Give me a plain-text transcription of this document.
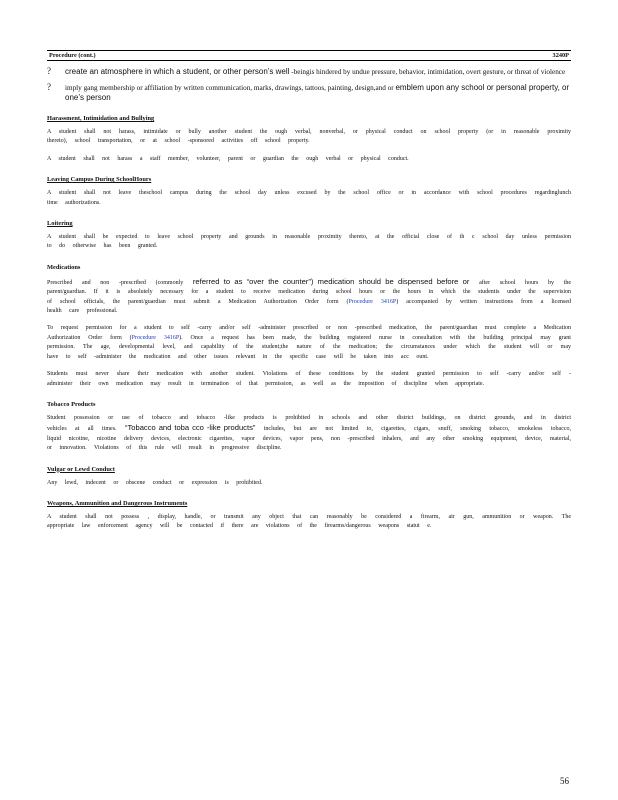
Procedure (cont.)	3240P
? create an atmosphere in which a student, or other person’s well -beingis hindered by undue pressure, behavior, intimidation, overt gesture, or threat of violence
? imply gang membership or affiliation by written communication, marks, drawings, tattoos, painting, design,and or emblem upon any school or personal property, or one’s person
Harassment, Intimidation and Bullying

A student shall not harass, intimidate or bully another student the ough verbal, nonverbal, or physical conduct on school property (or in reasonable proximity thereto), school transportation, or at school -sponsored activities off school property.

A student shall not harass a staff member, volunteer, parent or guardian the ough verbal or physical conduct.

Leaving Campus During SchoolHours

A student shall not leave theschool campus during the school day unless excused by the school office or in accordance with school procedures regardinglunch time authorizations.

Loitering

A student shall be expected to leave school property and grounds in reasonable proximity thereto, at the official close of th c school day unless permission to do otherwise has been granted.

Medications

Prescribed and non -prescribed (commonly referred to as “over the counter”) medication should be dispensed before or after school hours by the parent/guardian. If it is absolutely necessary for a student to receive medication during school hours or the hours in which the studentis under the supervision of school officials, the parent/guardian must submit a Medication Authorization Order form (Procedure 3416P) accompanied by written instructions from a licensed health care professional.

To request permission for a student to self -carry and/or self -administer prescribed or non -prescribed medication, the parent/guardian must complete a Medication Authorization Order form (Procedure 3416P). Once a request has been made, the building registered nurse in consultation with the building principal may grant permission. The age, developmental level, and capability of the student;the nature of the medication; the circumstances under which the student will or may have to self -administer the medication and other issues relevant in the specific case will be taken into acc ount.

Students must never share their medication with another student. Violations of these conditions by the student granted permission to self -carry and/or self -administer their own medication may result in termination of that permission, as well as the imposition of discipline when appropriate.

Tobacco Products

Student possession or use of tobacco and tobacco -like products is prohibited in schools and other district buildings, on district grounds, and in district vehicles at all times. “Tobacco and toba cco -like products” includes, but are not limited to, cigarettes, cigars, snuff, smoking tobacco, smokeless tobacco, liquid nicotine, nicotine delivery devices, electronic cigarettes, vapor devices, vapor pens, non -prescribed inhalers, and any other smoking equipment, device, material, or innovation. Violations of this rule will result in progressive discipline.

Vulgar or Lewd Conduct

Any lewd, indecent or obscene conduct or expression is prohibited.

Weapons, Ammunition and Dangerous Instruments

A student shall not possess , display, handle, or transmit any object that can reasonably be considered a firearm, air gun, ammunition or weapon. The appropriate law enforcement agency will be contacted if there are violations of the firearms/dangerous weapons statut e.

56
